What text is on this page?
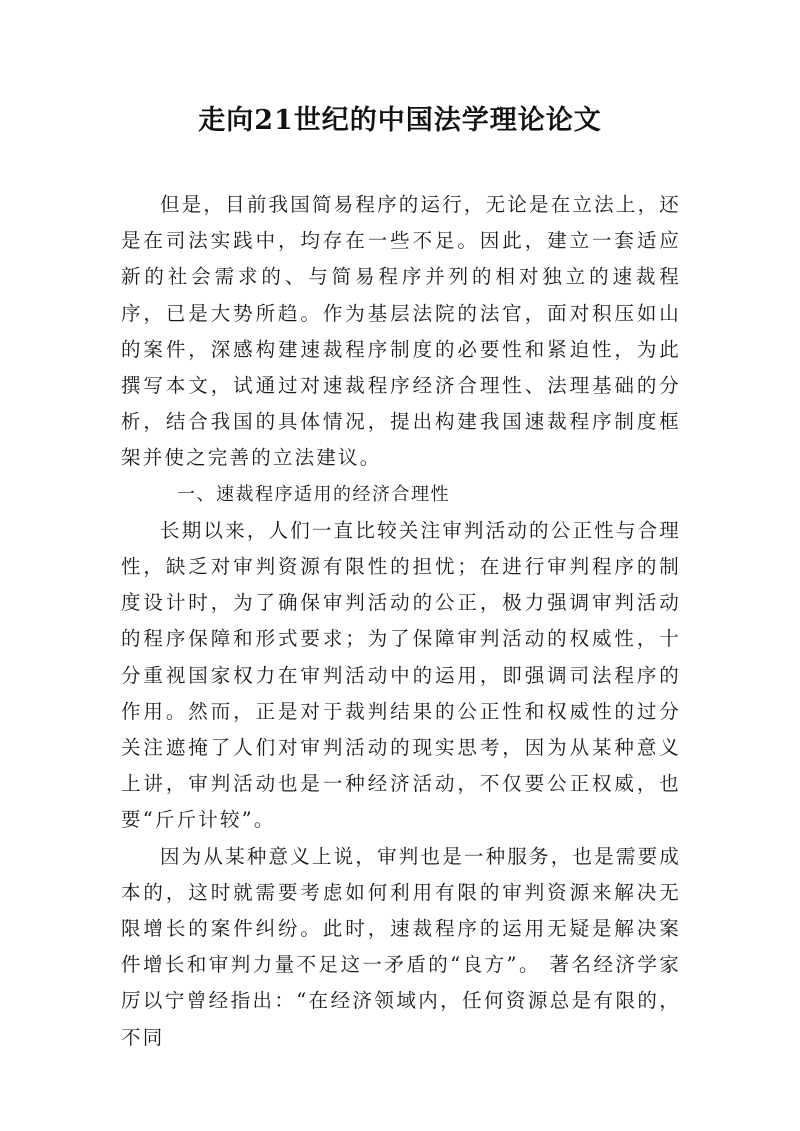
走向21世纪的中国法学理论论文

但是，目前我国简易程序的运行，无论是在立法上，还是在司法实践中，均存在一些不足。因此，建立一套适应新的社会需求的、与简易程序并列的相对独立的速裁程序，已是大势所趋。作为基层法院的法官，面对积压如山的案件，深感构建速裁程序制度的必要性和紧迫性，为此撰写本文，试通过对速裁程序经济合理性、法理基础的分析，结合我国的具体情况，提出构建我国速裁程序制度框架并使之完善的立法建议。

一、速裁程序适用的经济合理性

长期以来，人们一直比较关注审判活动的公正性与合理性，缺乏对审判资源有限性的担忧；在进行审判程序的制度设计时，为了确保审判活动的公正，极力强调审判活动的程序保障和形式要求；为了保障审判活动的权威性，十分重视国家权力在审判活动中的运用，即强调司法程序的作用。然而，正是对于裁判结果的公正性和权威性的过分关注遮掩了人们对审判活动的现实思考，因为从某种意义上讲，审判活动也是一种经济活动，不仅要公正权威，也要“斤斤计较”。

因为从某种意义上说，审判也是一种服务，也是需要成本的，这时就需要考虑如何利用有限的审判资源来解决无限增长的案件纠纷。此时，速裁程序的运用无疑是解决案件增长和审判力量不足这一矛盾的“良方”。 著名经济学家厉以宁曾经指出：“在经济领域内，任何资源总是有限的，不同
